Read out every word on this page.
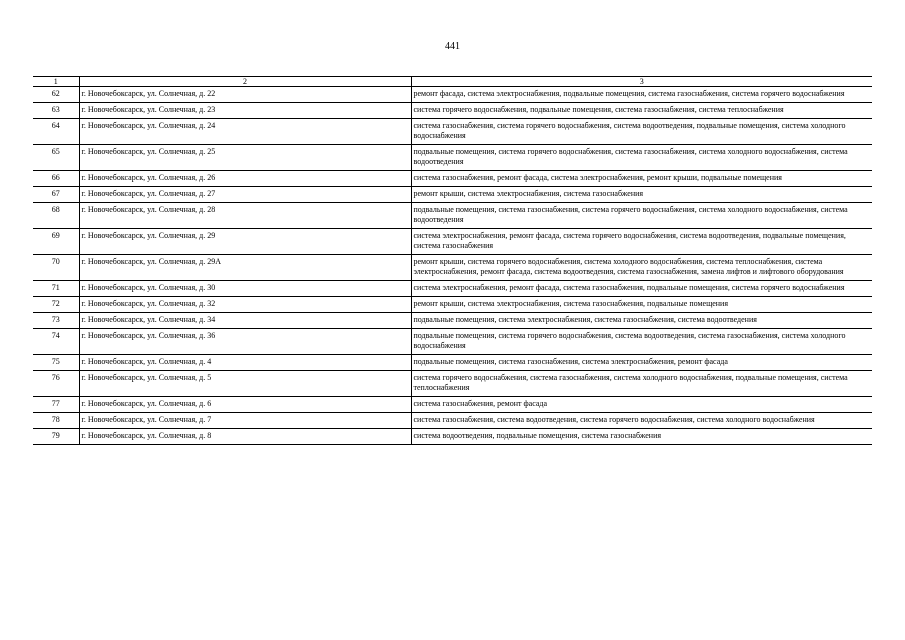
441
1	2	3
62	г. Новочебоксарск, ул. Солнечная, д. 22	ремонт фасада, система электроснабжения, подвальные помещения, система газоснабжения, система горячего водоснабжения
63	г. Новочебоксарск, ул. Солнечная, д. 23	система горячего водоснабжения, подвальные помещения, система газоснабжения, система теплоснабжения
64	г. Новочебоксарск, ул. Солнечная, д. 24	система газоснабжения, система горячего водоснабжения, система водоотведения, подвальные помещения, система холодного водоснабжения
65	г. Новочебоксарск, ул. Солнечная, д. 25	подвальные помещения, система горячего водоснабжения, система газоснабжения, система холодного водоснабжения, система водоотведения
66	г. Новочебоксарск, ул. Солнечная, д. 26	система газоснабжения, ремонт фасада, система электроснабжения, ремонт крыши, подвальные помещения
67	г. Новочебоксарск, ул. Солнечная, д. 27	ремонт крыши, система электроснабжения, система газоснабжения
68	г. Новочебоксарск, ул. Солнечная, д. 28	подвальные помещения, система газоснабжения, система горячего водоснабжения, система холодного водоснабжения, система водоотведения
69	г. Новочебоксарск, ул. Солнечная, д. 29	система электроснабжения, ремонт фасада, система горячего водоснабжения, система водоотведения, подвальные помещения, система газоснабжения
70	г. Новочебоксарск, ул. Солнечная, д. 29А	ремонт крыши, система горячего водоснабжения, система холодного водоснабжения, система теплоснабжения, система электроснабжения, ремонт фасада, система водоотведения, система газоснабжения, замена лифтов и лифтового оборудования
71	г. Новочебоксарск, ул. Солнечная, д. 30	система электроснабжения, ремонт фасада, система газоснабжения, подвальные помещения, система горячего водоснабжения
72	г. Новочебоксарск, ул. Солнечная, д. 32	ремонт крыши, система электроснабжения, система газоснабжения, подвальные помещения
73	г. Новочебоксарск, ул. Солнечная, д. 34	подвальные помещения, система электроснабжения, система газоснабжения, система водоотведения
74	г. Новочебоксарск, ул. Солнечная, д. 36	подвальные помещения, система горячего водоснабжения, система водоотведения, система газоснабжения, система холодного водоснабжения
75	г. Новочебоксарск, ул. Солнечная, д. 4	подвальные помещения, система газоснабжения, система электроснабжения, ремонт фасада
76	г. Новочебоксарск, ул. Солнечная, д. 5	система горячего водоснабжения, система газоснабжения, система холодного водоснабжения, подвальные помещения, система теплоснабжения
77	г. Новочебоксарск, ул. Солнечная, д. 6	система газоснабжения, ремонт фасада
78	г. Новочебоксарск, ул. Солнечная, д. 7	система газоснабжения, система водоотведения, система горячего водоснабжения, система холодного водоснабжения
79	г. Новочебоксарск, ул. Солнечная, д. 8	система водоотведения, подвальные помещения, система газоснабжения
